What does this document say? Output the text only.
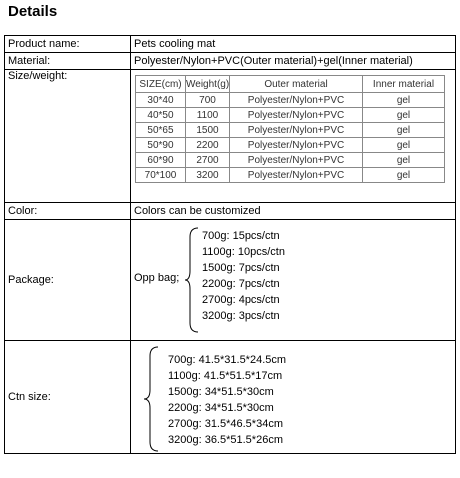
Details
Product name:	Pets cooling mat
Material:	Polyester/Nylon+PVC(Outer material)+gel(Inner material)
Size/weight:	
SIZE(cm)	Weight(g)	Outer material	Inner material
30*40	700	Polyester/Nylon+PVC	gel
40*50	1100	Polyester/Nylon+PVC	gel
50*65	1500	Polyester/Nylon+PVC	gel
50*90	2200	Polyester/Nylon+PVC	gel
60*90	2700	Polyester/Nylon+PVC	gel
70*100	3200	Polyester/Nylon+PVC	gel

Color:	Colors can be customized
Package:	Opp bag;
700g: 15pcs/ctn
1100g: 10pcs/ctn
1500g: 7pcs/ctn
2200g: 7pcs/ctn
2700g: 4pcs/ctn
3200g: 3pcs/ctn

Ctn size:	
700g: 41.5*31.5*24.5cm
1100g: 41.5*51.5*17cm
1500g: 34*51.5*30cm
2200g: 34*51.5*30cm
2700g: 31.5*46.5*34cm
3200g: 36.5*51.5*26cm
